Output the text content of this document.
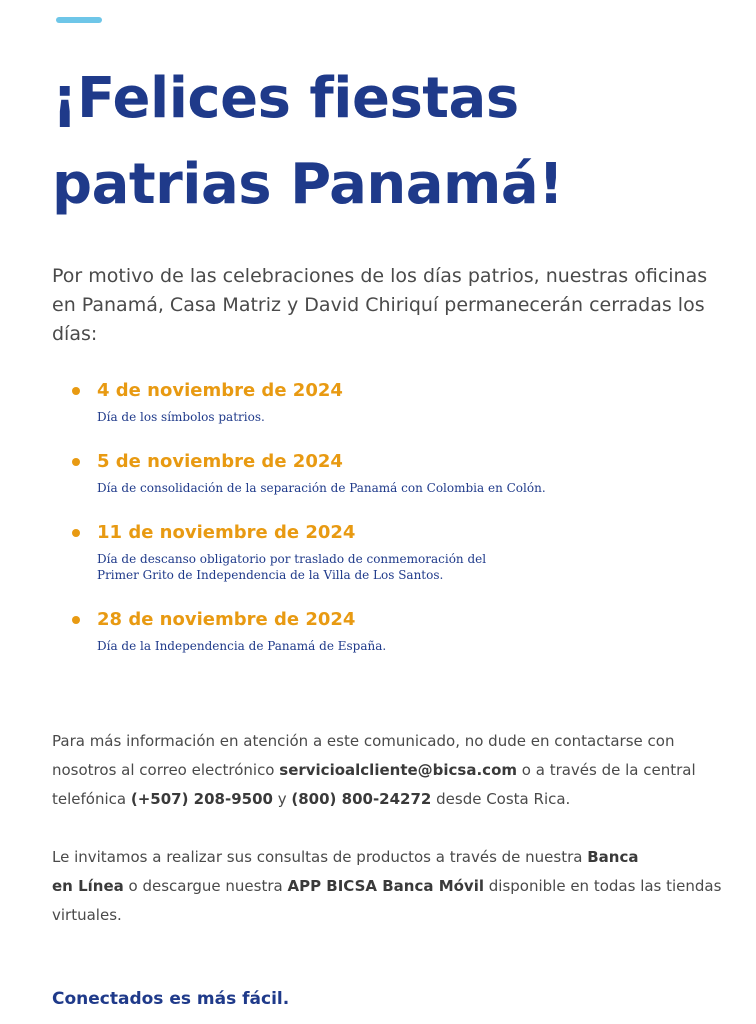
¡Felices fiestas
patrias Panamá!

Por motivo de las celebraciones de los días patrios, nuestras oficinas en Panamá, Casa Matriz y David Chiriquí permanecerán cerradas los días:

4 de noviembre de 2024
Día de los símbolos patrios.
5 de noviembre de 2024
Día de consolidación de la separación de Panamá con Colombia en Colón.
11 de noviembre de 2024
Día de descanso obligatorio por traslado de conmemoración del
Primer Grito de Independencia de la Villa de Los Santos.
28 de noviembre de 2024
Día de la Independencia de Panamá de España.

Para más información en atención a este comunicado, no dude en contactarse con nosotros al correo electrónico servicioalcliente@bicsa.com o a través de la central telefónica (+507) 208-9500 y (800) 800-24272 desde Costa Rica.

Le invitamos a realizar sus consultas de productos a través de nuestra Banca
en Línea o descargue nuestra APP BICSA Banca Móvil disponible en todas las tiendas virtuales.

Conectados es más fácil.
